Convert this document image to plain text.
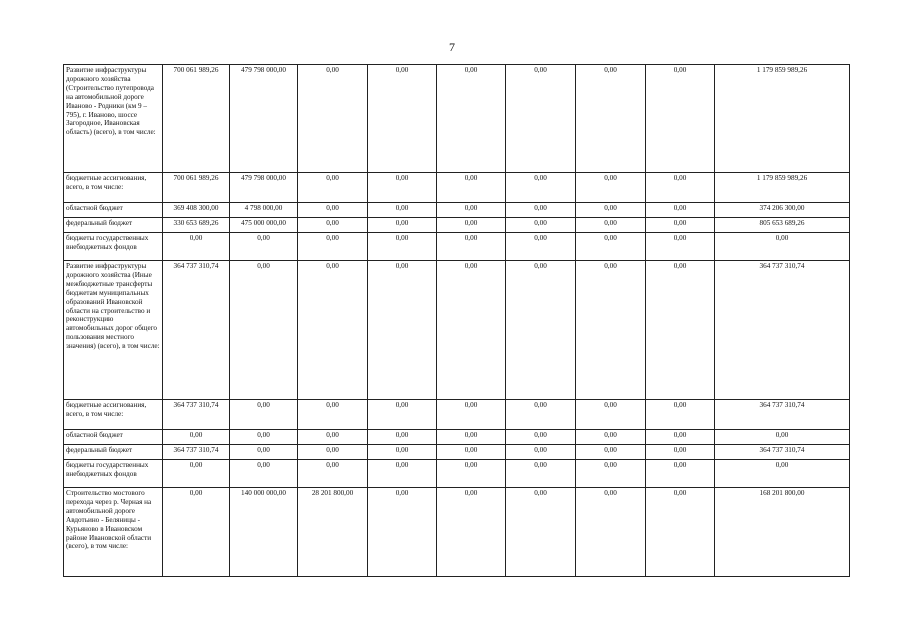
7
Развитие инфраструктуры дорожного хозяйства (Строительство путепровода на автомобильной дороге Иваново - Родники (км 9 – 795), г. Иваново, шоссе Загородное, Ивановская область) (всего), в том числе:	700 061 989,26	479 798 000,00	0,00	0,00	0,00	0,00	0,00	0,00	1 179 859 989,26
бюджетные ассигнования, всего, в том числе:	700 061 989,26	479 798 000,00	0,00	0,00	0,00	0,00	0,00	0,00	1 179 859 989,26
областной бюджет	369 408 300,00	4 798 000,00	0,00	0,00	0,00	0,00	0,00	0,00	374 206 300,00
федеральный бюджет	330 653 689,26	475 000 000,00	0,00	0,00	0,00	0,00	0,00	0,00	805 653 689,26
бюджеты государственных внебюджетных фондов	0,00	0,00	0,00	0,00	0,00	0,00	0,00	0,00	0,00
Развитие инфраструктуры дорожного хозяйства (Иные межбюджетные трансферты бюджетам муниципальных образований Ивановской области на строительство и реконструкцию автомобильных дорог общего пользования местного значения) (всего), в том числе:	364 737 310,74	0,00	0,00	0,00	0,00	0,00	0,00	0,00	364 737 310,74
бюджетные ассигнования, всего, в том числе:	364 737 310,74	0,00	0,00	0,00	0,00	0,00	0,00	0,00	364 737 310,74
областной бюджет	0,00	0,00	0,00	0,00	0,00	0,00	0,00	0,00	0,00
федеральный бюджет	364 737 310,74	0,00	0,00	0,00	0,00	0,00	0,00	0,00	364 737 310,74
бюджеты государственных внебюджетных фондов	0,00	0,00	0,00	0,00	0,00	0,00	0,00	0,00	0,00
Строительство мостового перехода через р. Черная на автомобильной дороге Авдотьино - Беляницы - Курьяново в Ивановском районе Ивановской области (всего), в том числе:	0,00	140 000 000,00	28 201 800,00	0,00	0,00	0,00	0,00	0,00	168 201 800,00
